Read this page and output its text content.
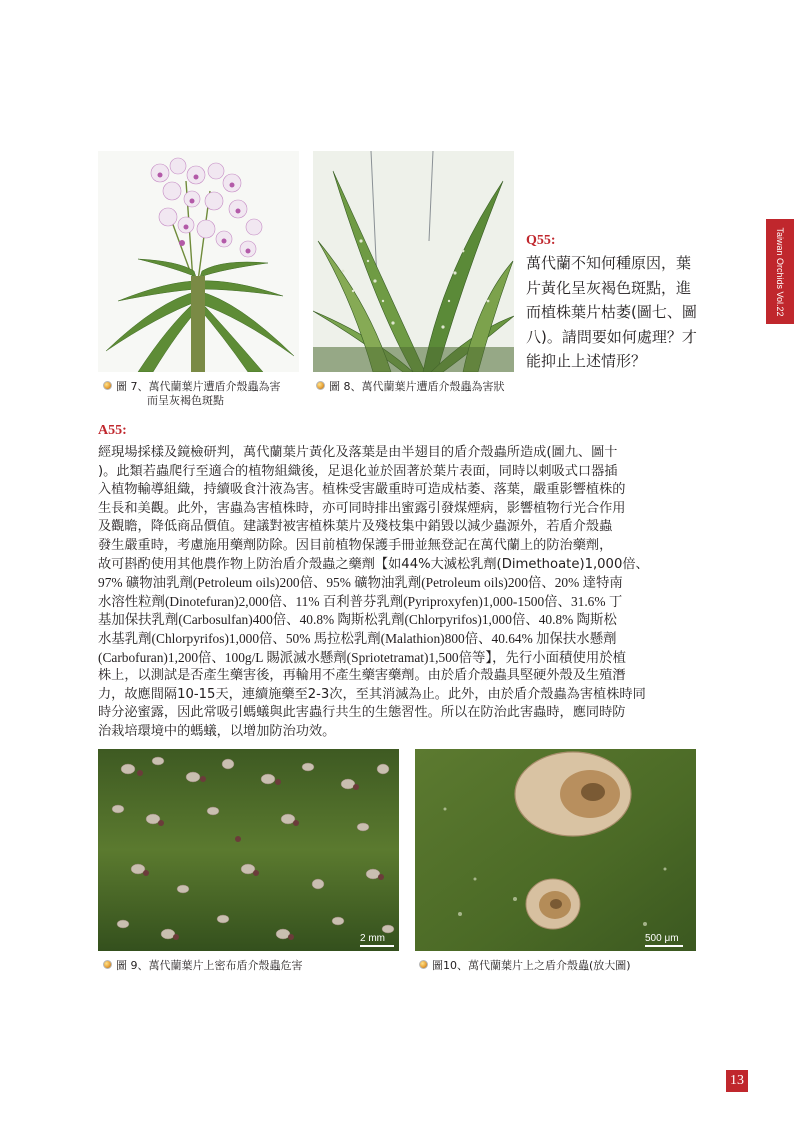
Taiwan Orchids Vol.22
圖 7、萬代蘭葉片遭盾介殼蟲為害
而呈灰褐色斑點
圖 8、萬代蘭葉片遭盾介殼蟲為害狀
Q55:
萬代蘭不知何種原因，葉
片黃化呈灰褐色斑點，進
而植株葉片枯萎(圖七、圖
八)。請問要如何處理？才
能抑止上述情形？
A55:
經現場採樣及鏡檢研判，萬代蘭葉片黃化及落葉是由半翅目的盾介殼蟲所造成(圖九、圖十
)。此類若蟲爬行至適合的植物組織後，足退化並於固著於葉片表面，同時以刺吸式口器插
入植物輸導組織，持續吸食汁液為害。植株受害嚴重時可造成枯萎、落葉，嚴重影響植株的
生長和美觀。此外，害蟲為害植株時，亦可同時排出蜜露引發煤煙病，影響植物行光合作用
及觀瞻，降低商品價值。建議對被害植株葉片及殘枝集中銷毀以減少蟲源外，若盾介殼蟲
發生嚴重時，考慮施用藥劑防除。因目前植物保護手冊並無登記在萬代蘭上的防治藥劑，
故可斟酌使用其他農作物上防治盾介殼蟲之藥劑【如44%大滅松乳劑(Dimethoate)1,000倍、
97% 礦物油乳劑(Petroleum oils)200倍、95% 礦物油乳劑(Petroleum oils)200倍、20% 達特南
水溶性粒劑(Dinotefuran)2,000倍、11% 百利普芬乳劑(Pyriproxyfen)1,000-1500倍、31.6% 丁
基加保扶乳劑(Carbosulfan)400倍、40.8% 陶斯松乳劑(Chlorpyrifos)1,000倍、40.8% 陶斯松
水基乳劑(Chlorpyrifos)1,000倍、50% 馬拉松乳劑(Malathion)800倍、40.64% 加保扶水懸劑
(Carbofuran)1,200倍、100g/L 賜派滅水懸劑(Spriotetramat)1,500倍等】，先行小面積使用於植
株上，以測試是否產生藥害後，再輪用不產生藥害藥劑。由於盾介殼蟲具堅硬外殼及生殖潛
力，故應間隔10-15天，連續施藥至2-3次，至其消滅為止。此外，由於盾介殼蟲為害植株時同
時分泌蜜露，因此常吸引螞蟻與此害蟲行共生的生態習性。所以在防治此害蟲時，應同時防
治栽培環境中的螞蟻，以增加防治功效。
2 mm	500 μm
圖 9、萬代蘭葉片上密布盾介殼蟲危害	圖10、萬代蘭葉片上之盾介殼蟲(放大圖)
13
